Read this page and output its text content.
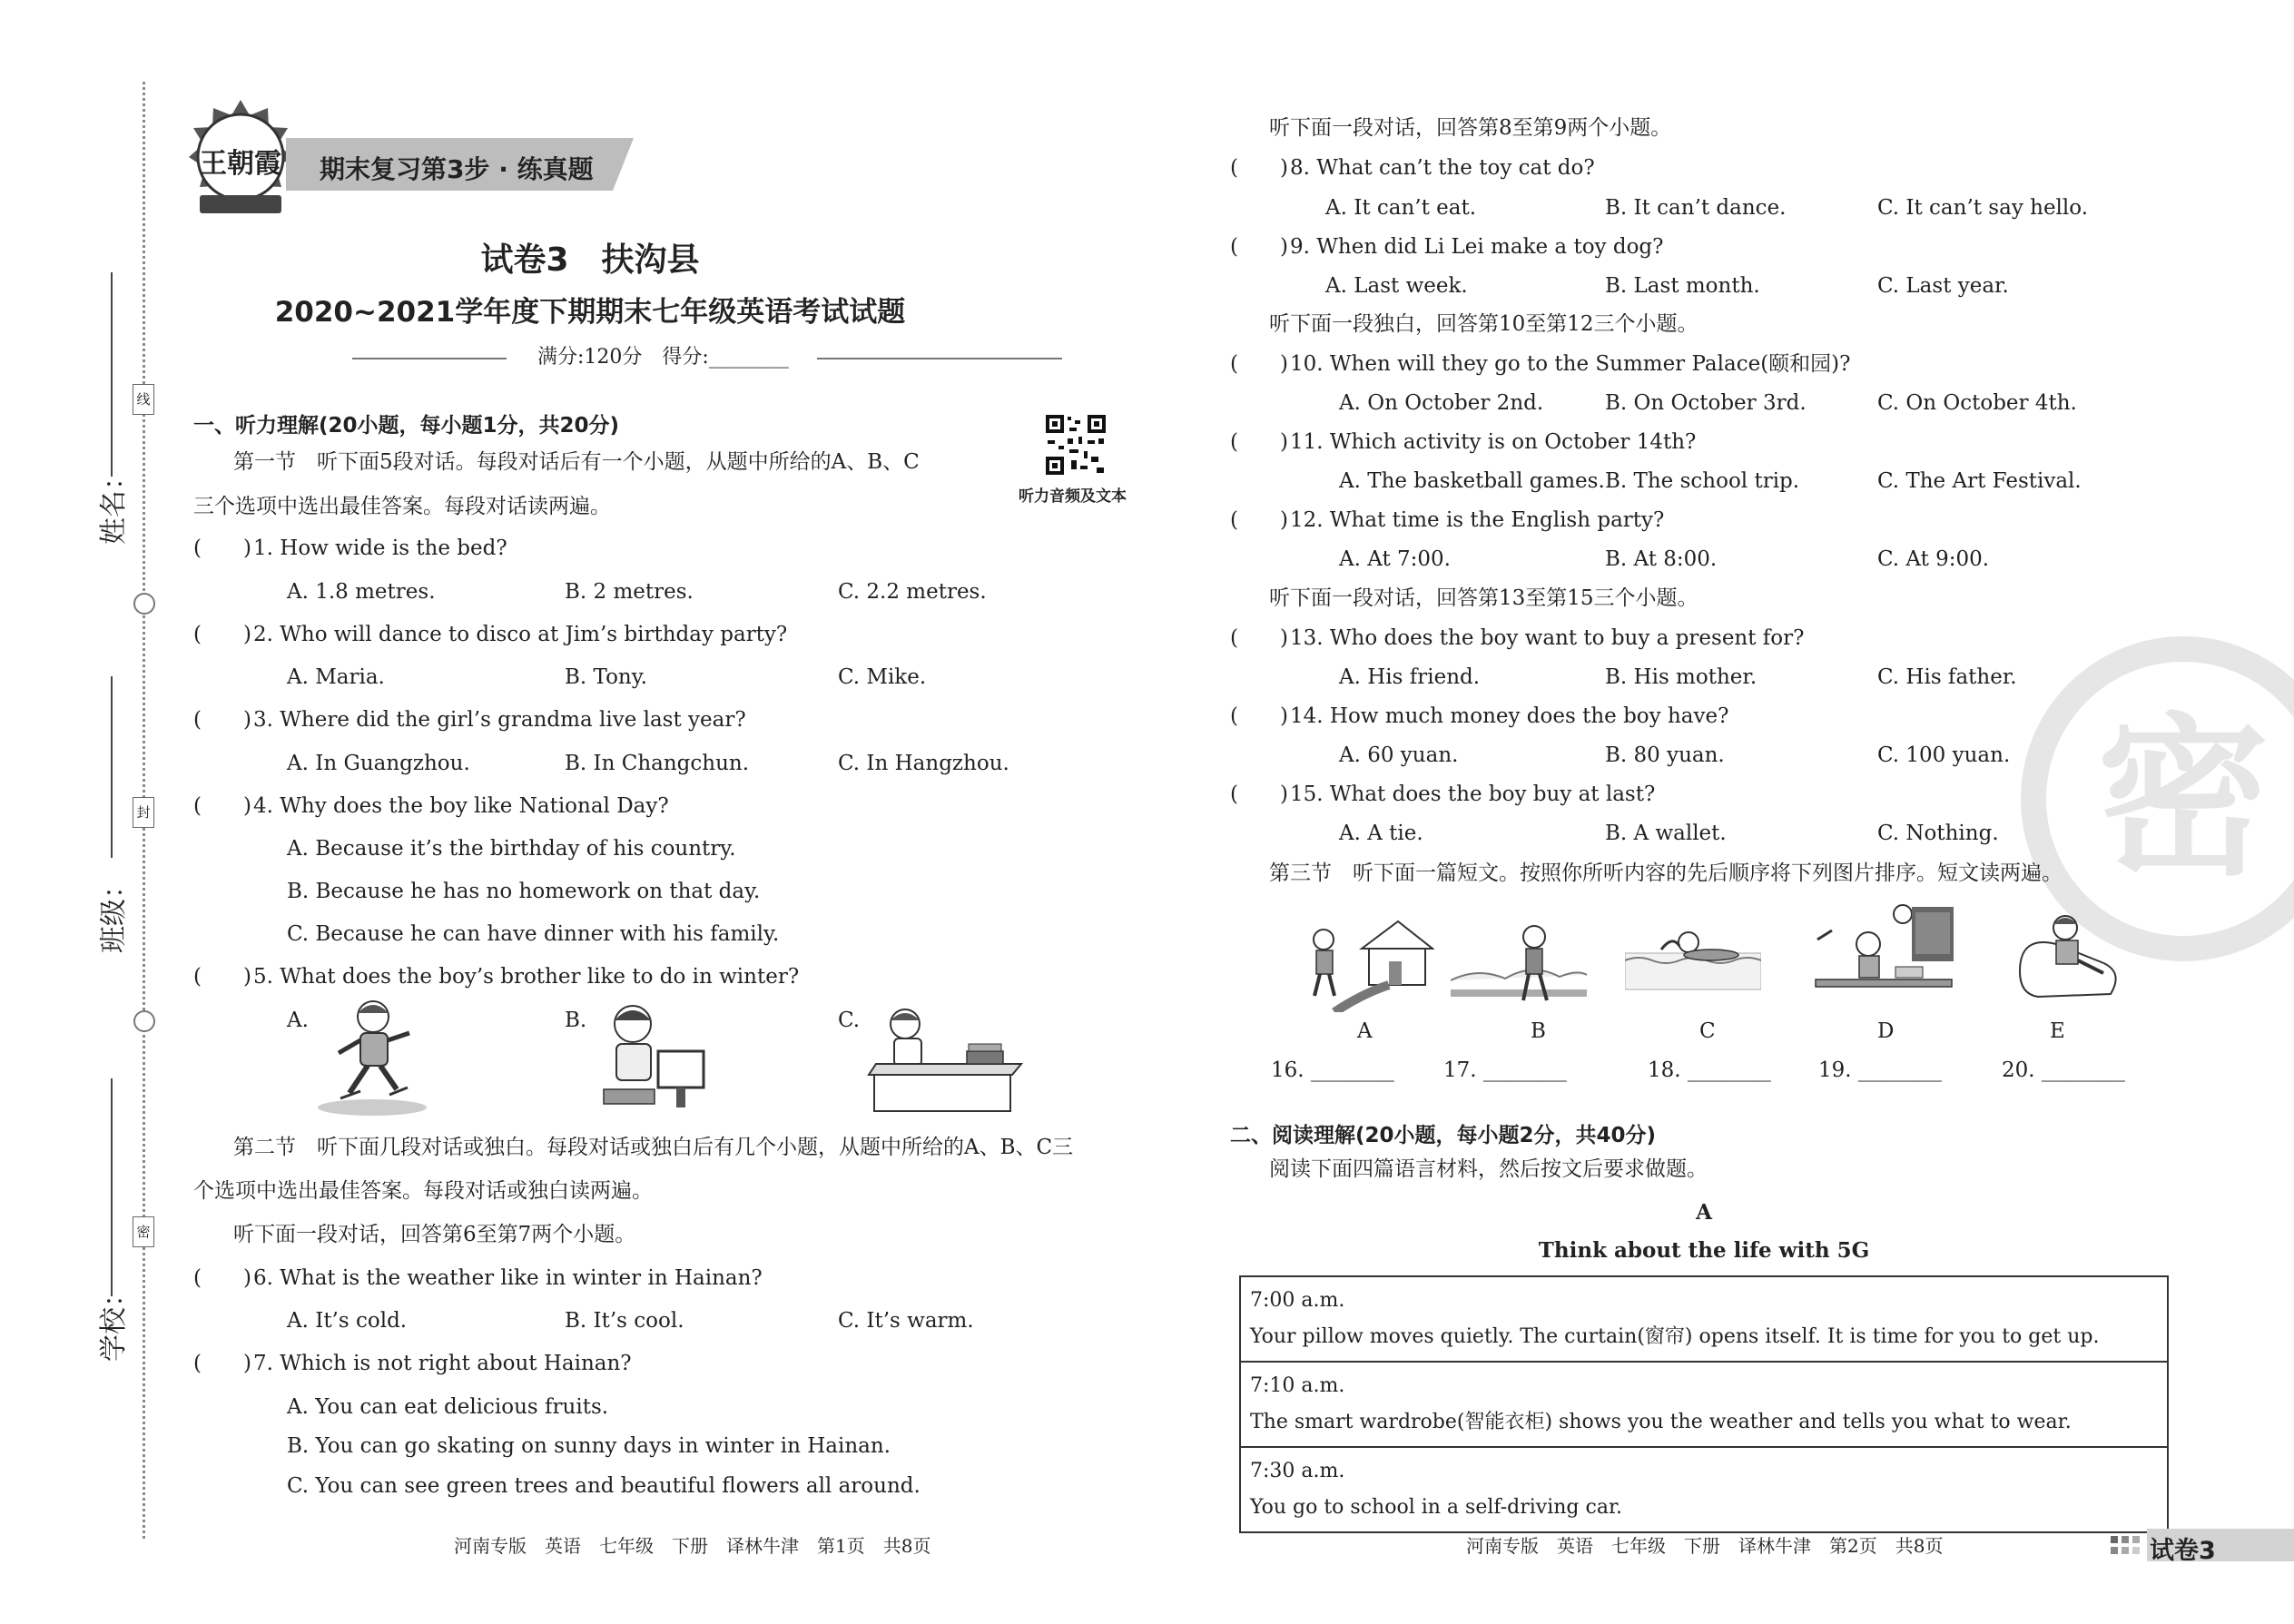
线
封
密
姓名：
班级：
学校：
王朝霞 期末复习第3步 · 练真题
试卷3　扶沟县
2020~2021学年度下期期末七年级英语考试试题
满分:120分　得分:________
听力音频及文本
一、听力理解(20小题，每小题1分，共20分)
第一节　听下面5段对话。每段对话后有一个小题，从题中所给的A、B、C
三个选项中选出最佳答案。每段对话读两遍。
(　　) 1. How wide is the bed?
A. 1.8 metres.	B. 2 metres.	C. 2.2 metres.
(　　) 2. Who will dance to disco at Jim’s birthday party?
A. Maria.	B. Tony.	C. Mike.
(　　) 3. Where did the girl’s grandma live last year?
A. In Guangzhou.	B. In Changchun.	C. In Hangzhou.
(　　) 4. Why does the boy like National Day?
A. Because it’s the birthday of his country.
B. Because he has no homework on that day.
C. Because he can have dinner with his family.
(　　) 5. What does the boy’s brother like to do in winter?
A.	B.	C.
第二节　听下面几段对话或独白。每段对话或独白后有几个小题，从题中所给的A、B、C三
个选项中选出最佳答案。每段对话或独白读两遍。
听下面一段对话，回答第6至第7两个小题。
(　　) 6. What is the weather like in winter in Hainan?
A. It’s cold.	B. It’s cool.	C. It’s warm.
(　　) 7. Which is not right about Hainan?
A. You can eat delicious fruits.
B. You can go skating on sunny days in winter in Hainan.
C. You can see green trees and beautiful flowers all around.
河南专版　英语　七年级　下册　译林牛津　第1页　共8页
密
听下面一段对话，回答第8至第9两个小题。
(　　) 8. What can’t the toy cat do?
A. It can’t eat.	B. It can’t dance.	C. It can’t say hello.
(　　) 9. When did Li Lei make a toy dog?
A. Last week.	B. Last month.	C. Last year.
听下面一段独白，回答第10至第12三个小题。
(　　) 10. When will they go to the Summer Palace(颐和园)?
A. On October 2nd.	B. On October 3rd.	C. On October 4th.
(　　) 11. Which activity is on October 14th?
A. The basketball games. B. The school trip.	C. The Art Festival.
(　　) 12. What time is the English party?
A. At 7:00.	B. At 8:00.	C. At 9:00.
听下面一段对话，回答第13至第15三个小题。
(　　) 13. Who does the boy want to buy a present for?
A. His friend.	B. His mother.	C. His father.
(　　) 14. How much money does the boy have?
A. 60 yuan.	B. 80 yuan.	C. 100 yuan.
(　　) 15. What does the boy buy at last?
A. A tie.	B. A wallet.	C. Nothing.
第三节　听下面一篇短文。按照你所听内容的先后顺序将下列图片排序。短文读两遍。
A	B	C	D	E
16. ________ 17. ________	18. ________ 19. ________	20. ________
二、阅读理解(20小题，每小题2分，共40分)
阅读下面四篇语言材料，然后按文后要求做题。
A
Think about the life with 5G
7:00 a.m.
Your pillow moves quietly. The curtain(窗帘) opens itself. It is time for you to get up.

7:10 a.m.
The smart wardrobe(智能衣柜) shows you the weather and tells you what to wear.

7:30 a.m.
You go to school in a self-driving car.
河南专版　英语　七年级　下册　译林牛津　第2页　共8页	试卷3
